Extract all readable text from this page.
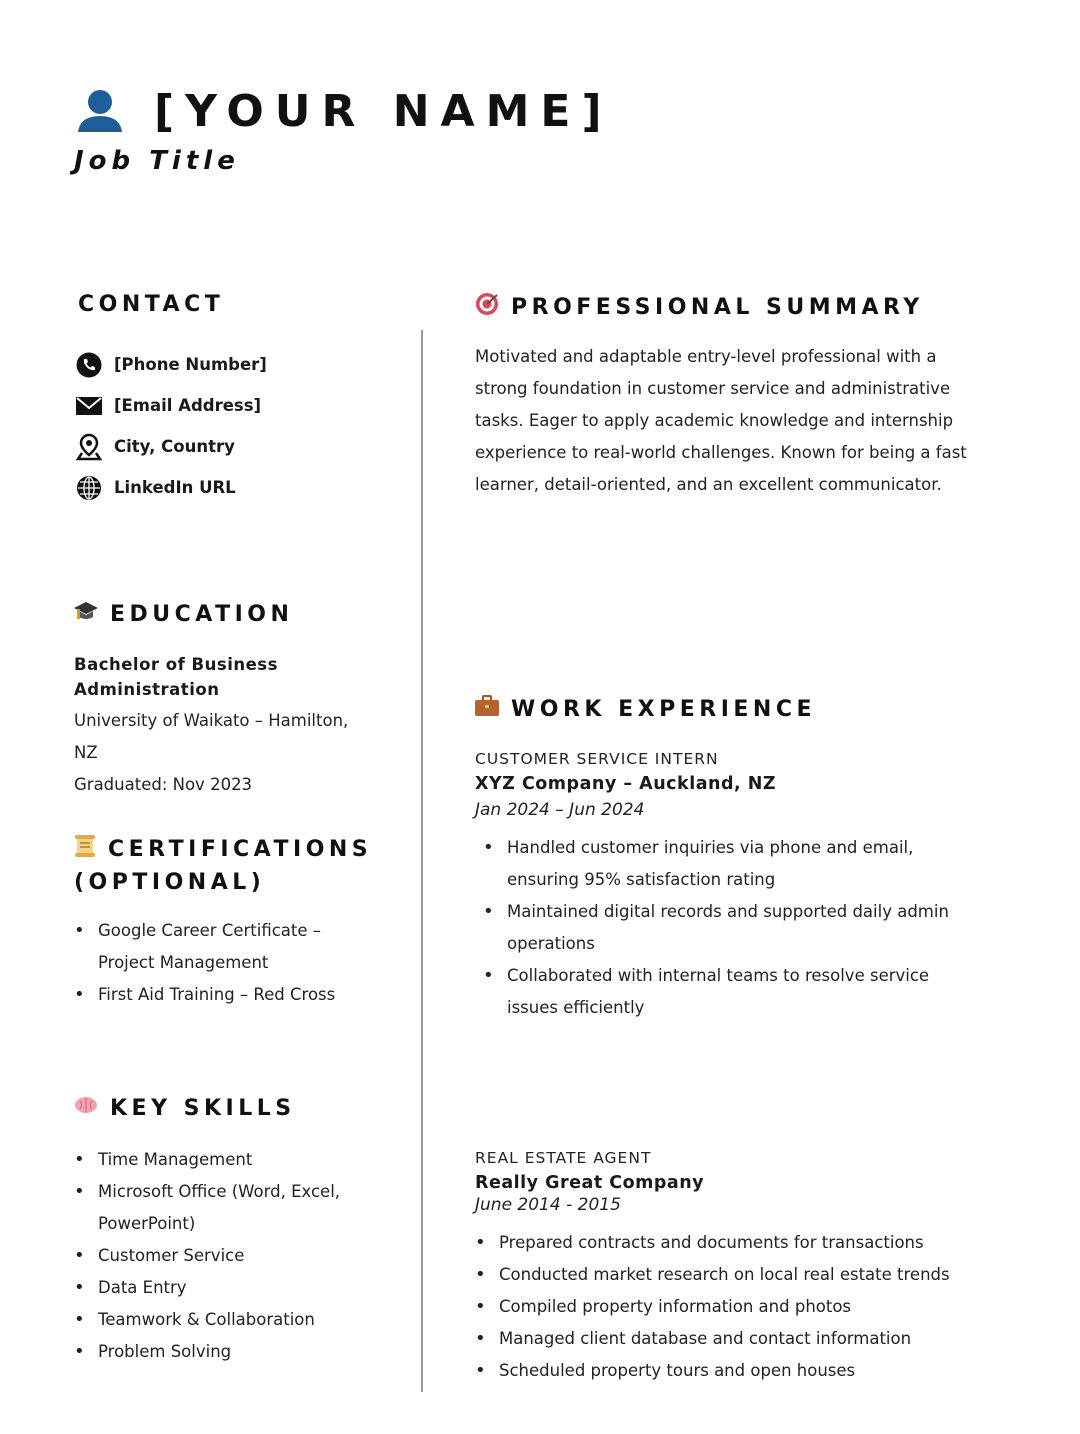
[YOUR NAME]
Job Title
CONTACT
[Phone Number]
[Email Address]
City, Country
LinkedIn URL
EDUCATION
Bachelor of Business
Administration
University of Waikato – Hamilton,
NZ
Graduated: Nov 2023
CERTIFICATIONS
(OPTIONAL)
• Google Career Certificate –
Project Management
• First Aid Training – Red Cross
KEY SKILLS
• Time Management
• Microsoft Office (Word, Excel,
PowerPoint)
• Customer Service
• Data Entry
• Teamwork & Collaboration
• Problem Solving
PROFESSIONAL SUMMARY
Motivated and adaptable entry-level professional with a
strong foundation in customer service and administrative
tasks. Eager to apply academic knowledge and internship
experience to real-world challenges. Known for being a fast
learner, detail-oriented, and an excellent communicator.
WORK EXPERIENCE
CUSTOMER SERVICE INTERN
XYZ Company – Auckland, NZ
Jan 2024 – Jun 2024
• Handled customer inquiries via phone and email,
ensuring 95% satisfaction rating
• Maintained digital records and supported daily admin
operations
• Collaborated with internal teams to resolve service
issues efficiently
REAL ESTATE AGENT
Really Great Company
June 2014 - 2015
• Prepared contracts and documents for transactions
• Conducted market research on local real estate trends
• Compiled property information and photos
• Managed client database and contact information
• Scheduled property tours and open houses
